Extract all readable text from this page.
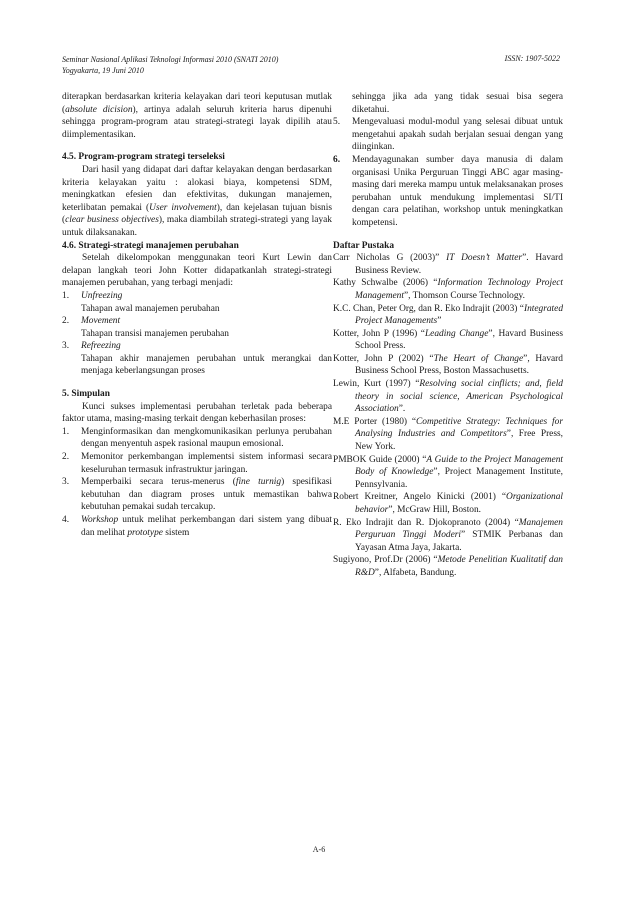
Seminar Nasional Aplikasi Teknologi Informasi 2010 (SNATI 2010)
Yogyakarta, 19 Juni 2010
ISSN: 1907-5022

diterapkan berdasarkan kriteria kelayakan dari teori keputusan mutlak (absolute dicision), artinya adalah seluruh kriteria harus dipenuhi sehingga program-program atau strategi-strategi layak dipilih atau diimplementasikan.

4.5. Program-program strategi terseleksi

Dari hasil yang didapat dari daftar kelayakan dengan berdasarkan kriteria kelayakan yaitu : alokasi biaya, kompetensi SDM, meningkatkan efesien dan efektivitas, dukungan manajemen, keterlibatan pemakai (User involvement), dan kejelasan tujuan bisnis (clear business objectives), maka diambilah strategi-strategi yang layak untuk dilaksanakan.

4.6. Strategi-strategi manajemen perubahan

Setelah dikelompokan menggunakan teori Kurt Lewin dan delapan langkah teori John Kotter didapatkanlah strategi-strategi manajemen perubahan, yang terbagi menjadi:

1.	Unfreezing
Tahapan awal manajemen perubahan
2.	Movement
Tahapan transisi manajemen perubahan
3.	Refreezing
Tahapan akhir manajemen perubahan untuk merangkai dan menjaga keberlangsungan proses
5. Simpulan

Kunci sukses implementasi perubahan terletak pada beberapa faktor utama, masing-masing terkait dengan keberhasilan proses:

1.	Menginformasikan dan mengkomunikasikan perlunya perubahan dengan menyentuh aspek rasional maupun emosional.
2.	Memonitor perkembangan implementsi sistem informasi secara keseluruhan termasuk infrastruktur jaringan.
3.	Memperbaiki secara terus-menerus (fine turnig) spesifikasi kebutuhan dan diagram proses untuk memastikan bahwa kebutuhan pemakai sudah tercakup.
4.	Workshop untuk melihat perkembangan dari sistem yang dibuat dan melihat prototype sistem

sehingga jika ada yang tidak sesuai bisa segera diketahui.

5.	Mengevaluasi modul-modul yang selesai dibuat untuk mengetahui apakah sudah berjalan sesuai dengan yang diinginkan.
6.	Mendayagunakan sumber daya manusia di dalam organisasi Unika Perguruan Tinggi ABC agar masing-masing dari mereka mampu untuk melaksanakan proses perubahan untuk mendukung implementasi SI/TI dengan cara pelatihan, workshop untuk meningkatkan kompetensi.
Daftar Pustaka
Carr Nicholas G (2003)” IT Doesn’t Matter”. Havard Business Review.
Kathy Schwalbe (2006) “Information Technology Project Management”, Thomson Course Technology.
K.C. Chan, Peter Org, dan R. Eko Indrajit (2003) “Integrated Project Managements”
Kotter, John P (1996) “Leading Change”, Havard Business School Press.
Kotter, John P (2002) “The Heart of Change”, Havard Business School Press, Boston Massachusetts.
Lewin, Kurt (1997) “Resolving social cinflicts; and, field theory in social science, American Psychological Association”.
M.E Porter (1980) “Competitive Strategy: Techniques for Analysing Industries and Competitors”, Free Press, New York.
PMBOK Guide (2000) “A Guide to the Project Management Body of Knowledge”, Project Management Institute, Pennsylvania.
Robert Kreitner, Angelo Kinicki (2001) “Organizational behavior”, McGraw Hill, Boston.
R. Eko Indrajit dan R. Djokopranoto (2004) “Manajemen Perguruan Tinggi Moderi” STMIK Perbanas dan Yayasan Atma Jaya, Jakarta.
Sugiyono, Prof.Dr (2006) “Metode Penelitian Kualitatif dan R&D”, Alfabeta, Bandung.
A-6
